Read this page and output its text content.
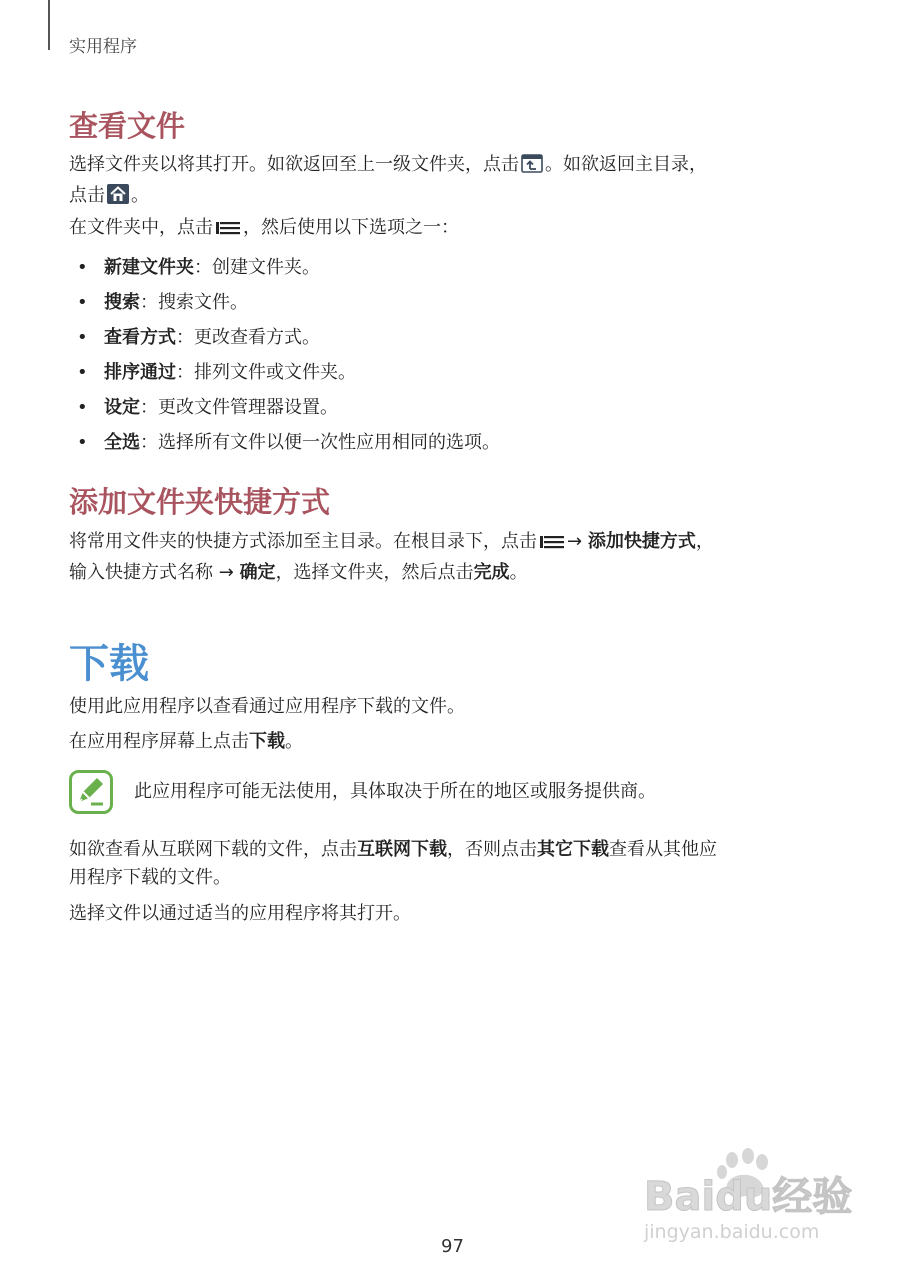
实用程序
查看文件
选择文件夹以将其打开。如欲返回至上一级文件夹，点击 。如欲返回主目录，
点击 。
在文件夹中，点击 ，然后使用以下选项之一：
• 新建文件夹：创建文件夹。
• 搜索：搜索文件。
• 查看方式：更改查看方式。
• 排序通过：排列文件或文件夹。
• 设定：更改文件管理器设置。
• 全选：选择所有文件以便一次性应用相同的选项。
添加文件夹快捷方式
将常用文件夹的快捷方式添加至主目录。在根目录下，点击 → 添加快捷方式，
输入快捷方式名称 → 确定，选择文件夹，然后点击完成。
下载
使用此应用程序以查看通过应用程序下载的文件。
在应用程序屏幕上点击下载。
此应用程序可能无法使用，具体取决于所在的地区或服务提供商。
如欲查看从互联网下载的文件，点击互联网下载，否则点击其它下载查看从其他应
用程序下载的文件。
选择文件以通过适当的应用程序将其打开。
Baidu经验
jingyan.baidu.com
97
